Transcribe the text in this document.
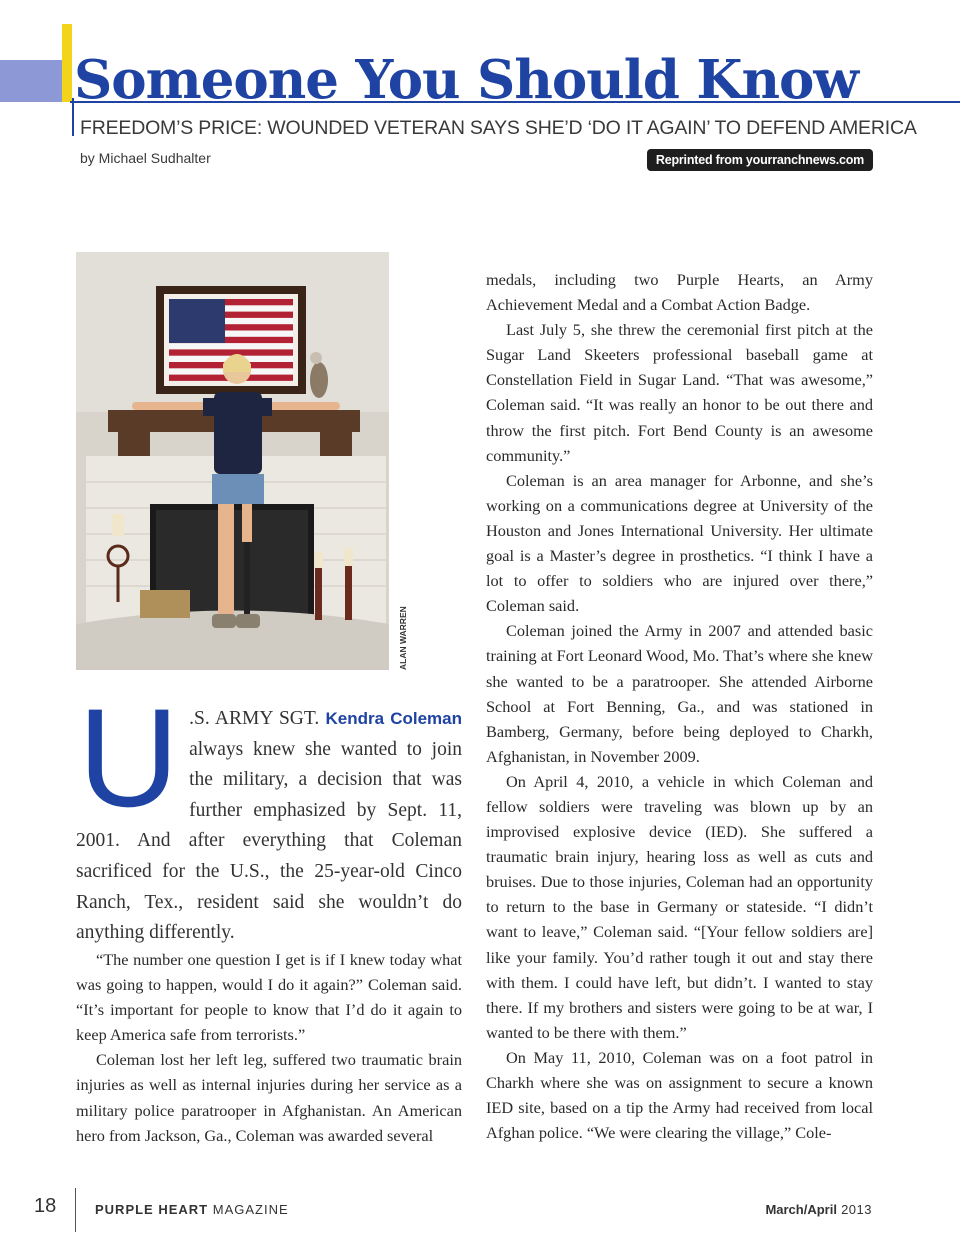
Someone You Should Know
FREEDOM’S PRICE: WOUNDED VETERAN SAYS SHE’D ‘DO IT AGAIN’ TO DEFEND AMERICA
by Michael Sudhalter	Reprinted from yourranchnews.com
ALAN WARREN
U .S. ARMY SGT. Kendra Coleman always knew she wanted to join the military, a decision that was further emphasized by Sept. 11, 2001. And after everything that Coleman sacrificed for the U.S., the 25-year-old Cinco Ranch, Tex., resident said she wouldn’t do anything differently.

“The number one question I get is if I knew today what was going to happen, would I do it again?” Coleman said. “It’s important for people to know that I’d do it again to keep America safe from terrorists.”

Coleman lost her left leg, suffered two traumatic brain injuries as well as internal injuries during her service as a military police paratrooper in Afghanistan. An American hero from Jackson, Ga., Coleman was awarded several

medals, including two Purple Hearts, an Army Achievement Medal and a Combat Action Badge.

Last July 5, she threw the ceremonial first pitch at the Sugar Land Skeeters professional baseball game at Constellation Field in Sugar Land. “That was awesome,” Coleman said. “It was really an honor to be out there and throw the first pitch. Fort Bend County is an awesome community.”

Coleman is an area manager for Arbonne, and she’s working on a communications degree at University of the Houston and Jones International University. Her ultimate goal is a Master’s degree in prosthetics. “I think I have a lot to offer to soldiers who are injured over there,” Coleman said.

Coleman joined the Army in 2007 and attended basic training at Fort Leonard Wood, Mo. That’s where she knew she wanted to be a paratrooper. She attended Airborne School at Fort Benning, Ga., and was stationed in Bamberg, Germany, before being deployed to Charkh, Afghanistan, in November 2009.

On April 4, 2010, a vehicle in which Coleman and fellow soldiers were traveling was blown up by an improvised explosive device (IED). She suffered a traumatic brain injury, hearing loss as well as cuts and bruises. Due to those injuries, Coleman had an opportunity to return to the base in Germany or stateside. “I didn’t want to leave,” Coleman said. “[Your fellow soldiers are] like your family. You’d rather tough it out and stay there with them. I could have left, but didn’t. I wanted to stay there. If my brothers and sisters were going to be at war, I wanted to be there with them.”

On May 11, 2010, Coleman was on a foot patrol in Charkh where she was on assignment to secure a known IED site, based on a tip the Army had received from local Afghan police. “We were clearing the village,” Cole-

18	PURPLE HEART MAGAZINE	March/April 2013
